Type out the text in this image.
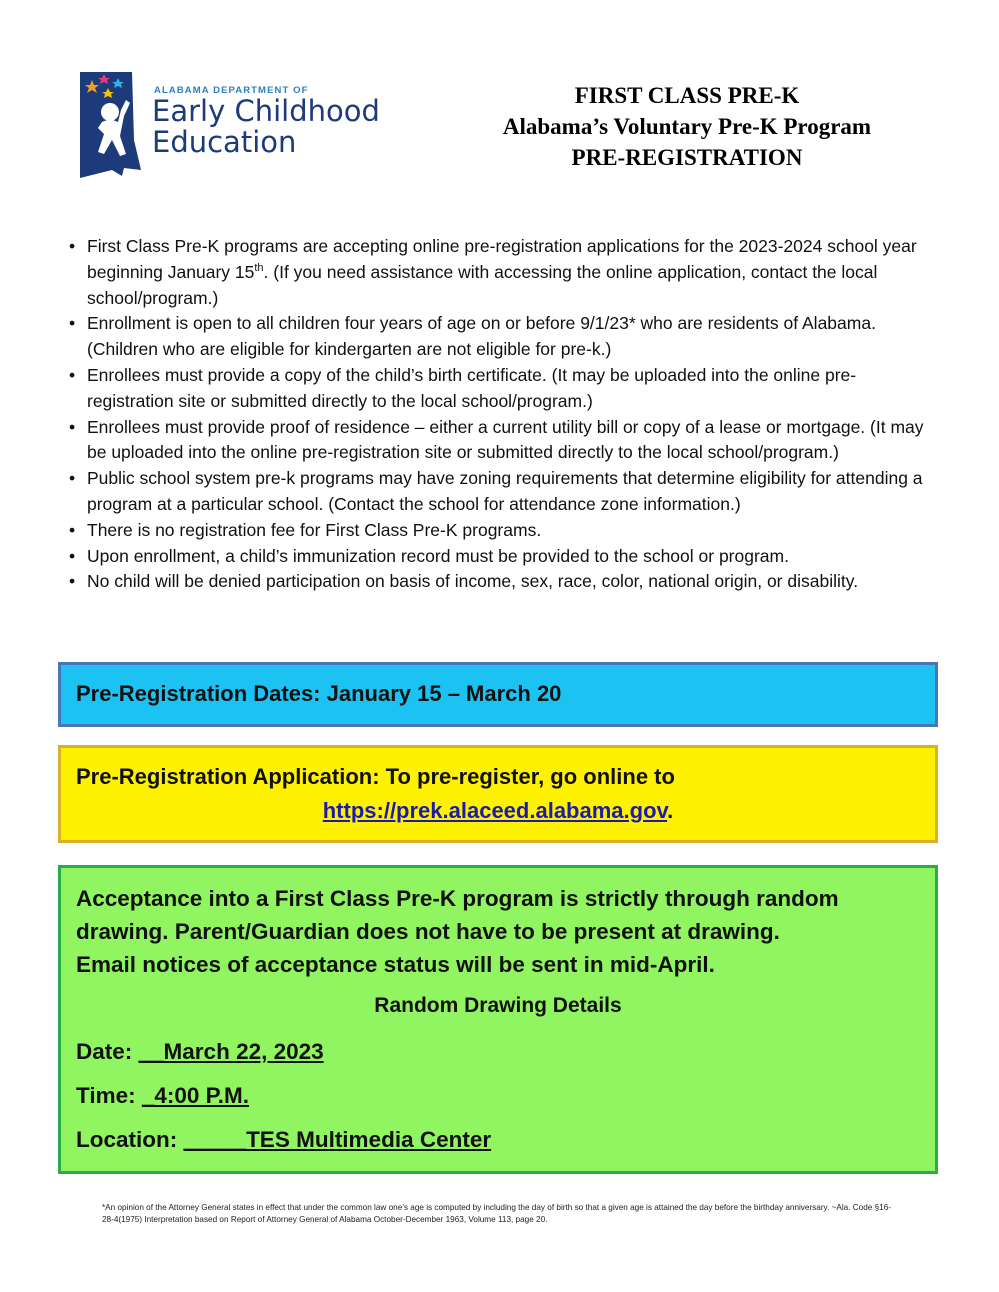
ALABAMA DEPARTMENT OF
Early Childhood
Education
FIRST CLASS PRE-K
Alabama’s Voluntary Pre-K Program
PRE-REGISTRATION
• First Class Pre-K programs are accepting online pre-registration applications for the 2023-2024 school year beginning January 15th. (If you need assistance with accessing the online application, contact the local school/program.)
• Enrollment is open to all children four years of age on or before 9/1/23* who are residents of Alabama. (Children who are eligible for kindergarten are not eligible for pre-k.)
• Enrollees must provide a copy of the child’s birth certificate. (It may be uploaded into the online pre-registration site or submitted directly to the local school/program.)
• Enrollees must provide proof of residence – either a current utility bill or copy of a lease or mortgage. (It may be uploaded into the online pre-registration site or submitted directly to the local school/program.)
• Public school system pre-k programs may have zoning requirements that determine eligibility for attending a program at a particular school. (Contact the school for attendance zone information.)
• There is no registration fee for First Class Pre-K programs.
• Upon enrollment, a child’s immunization record must be provided to the school or program.
• No child will be denied participation on basis of income, sex, race, color, national origin, or disability.
Pre-Registration Dates: January 15 – March 20
Pre-Registration Application: To pre-register, go online to
https://prek.alaceed.alabama.gov.
Acceptance into a First Class Pre-K program is strictly through random
drawing. Parent/Guardian does not have to be present at drawing.
Email notices of acceptance status will be sent in mid-April.
Random Drawing Details
Date: __March 22, 2023
Time: _4:00 P.M.
Location: _____TES Multimedia Center
*An opinion of the Attorney General states in effect that under the common law one’s age is computed by including the day of birth so that a given age is attained the day before the birthday anniversary. ~Ala. Code §16-28-4(1975) Interpretation based on Report of Attorney General of Alabama October-December 1963, Volume 113, page 20.
